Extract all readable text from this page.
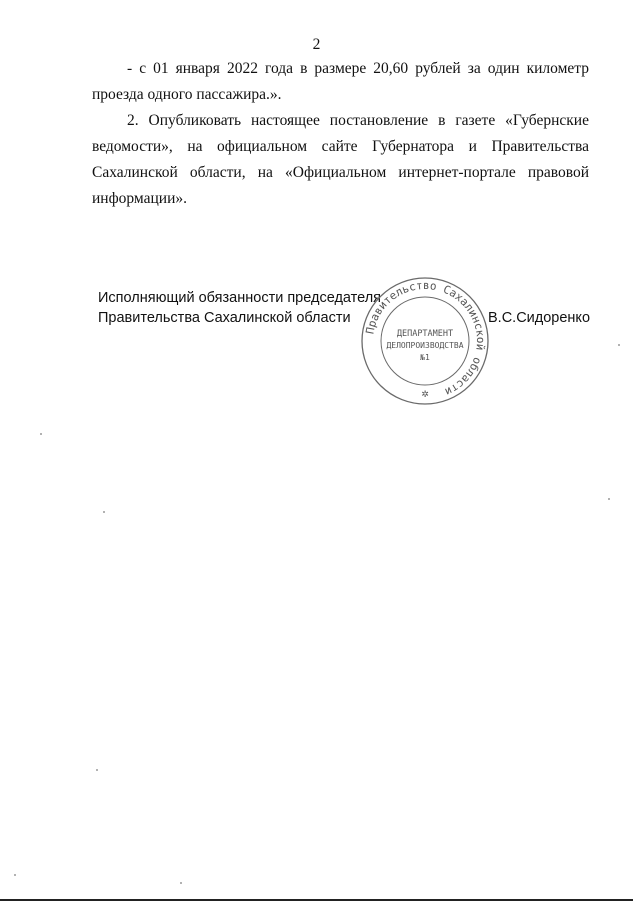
2

- с 01 января 2022 года в размере 20,60 рублей за один километр проезда одного пассажира.».

2. Опубликовать настоящее постановление в газете «Губернские ведомости», на официальном сайте Губернатора и Правительства Сахалинской области, на «Официальном интернет-портале правовой информации».

Исполняющий обязанности председателя
Правительства Сахалинской области	В.С.Сидоренко
Правительство Сахалинской области
ДЕПАРТАМЕНТ
ДЕЛОПРОИЗВОДСТВА
№1
✲
